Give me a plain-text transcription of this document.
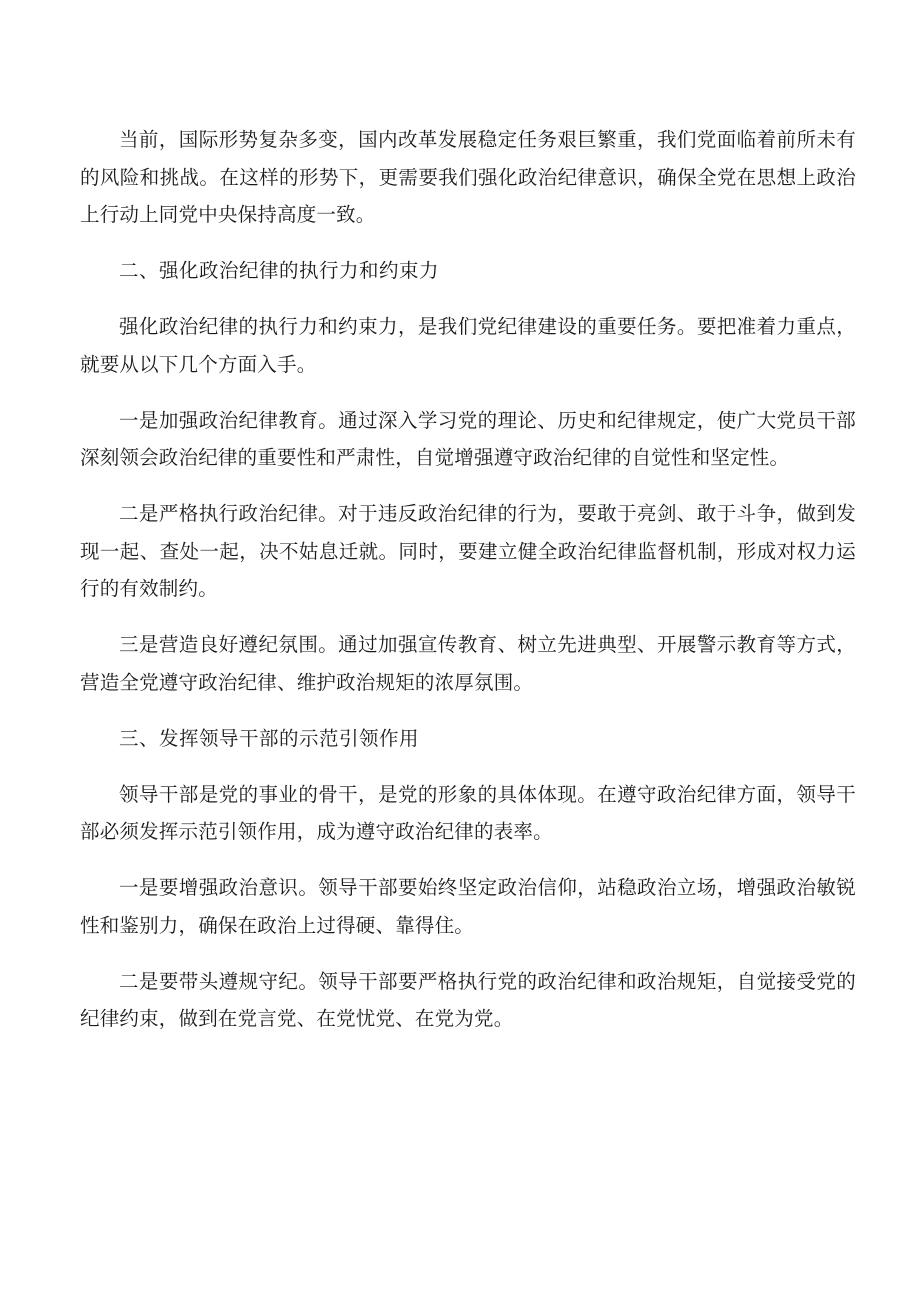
当前，国际形势复杂多变，国内改革发展稳定任务艰巨繁重，我们党面临着前所未有的风险和挑战。在这样的形势下，更需要我们强化政治纪律意识，确保全党在思想上政治上行动上同党中央保持高度一致。

二、强化政治纪律的执行力和约束力

强化政治纪律的执行力和约束力，是我们党纪律建设的重要任务。要把准着力重点，就要从以下几个方面入手。

一是加强政治纪律教育。通过深入学习党的理论、历史和纪律规定，使广大党员干部深刻领会政治纪律的重要性和严肃性，自觉增强遵守政治纪律的自觉性和坚定性。

二是严格执行政治纪律。对于违反政治纪律的行为，要敢于亮剑、敢于斗争，做到发现一起、查处一起，决不姑息迁就。同时，要建立健全政治纪律监督机制，形成对权力运行的有效制约。

三是营造良好遵纪氛围。通过加强宣传教育、树立先进典型、开展警示教育等方式，营造全党遵守政治纪律、维护政治规矩的浓厚氛围。

三、发挥领导干部的示范引领作用

领导干部是党的事业的骨干，是党的形象的具体体现。在遵守政治纪律方面，领导干部必须发挥示范引领作用，成为遵守政治纪律的表率。

一是要增强政治意识。领导干部要始终坚定政治信仰，站稳政治立场，增强政治敏锐性和鉴别力，确保在政治上过得硬、靠得住。

二是要带头遵规守纪。领导干部要严格执行党的政治纪律和政治规矩，自觉接受党的纪律约束，做到在党言党、在党忧党、在党为党。
